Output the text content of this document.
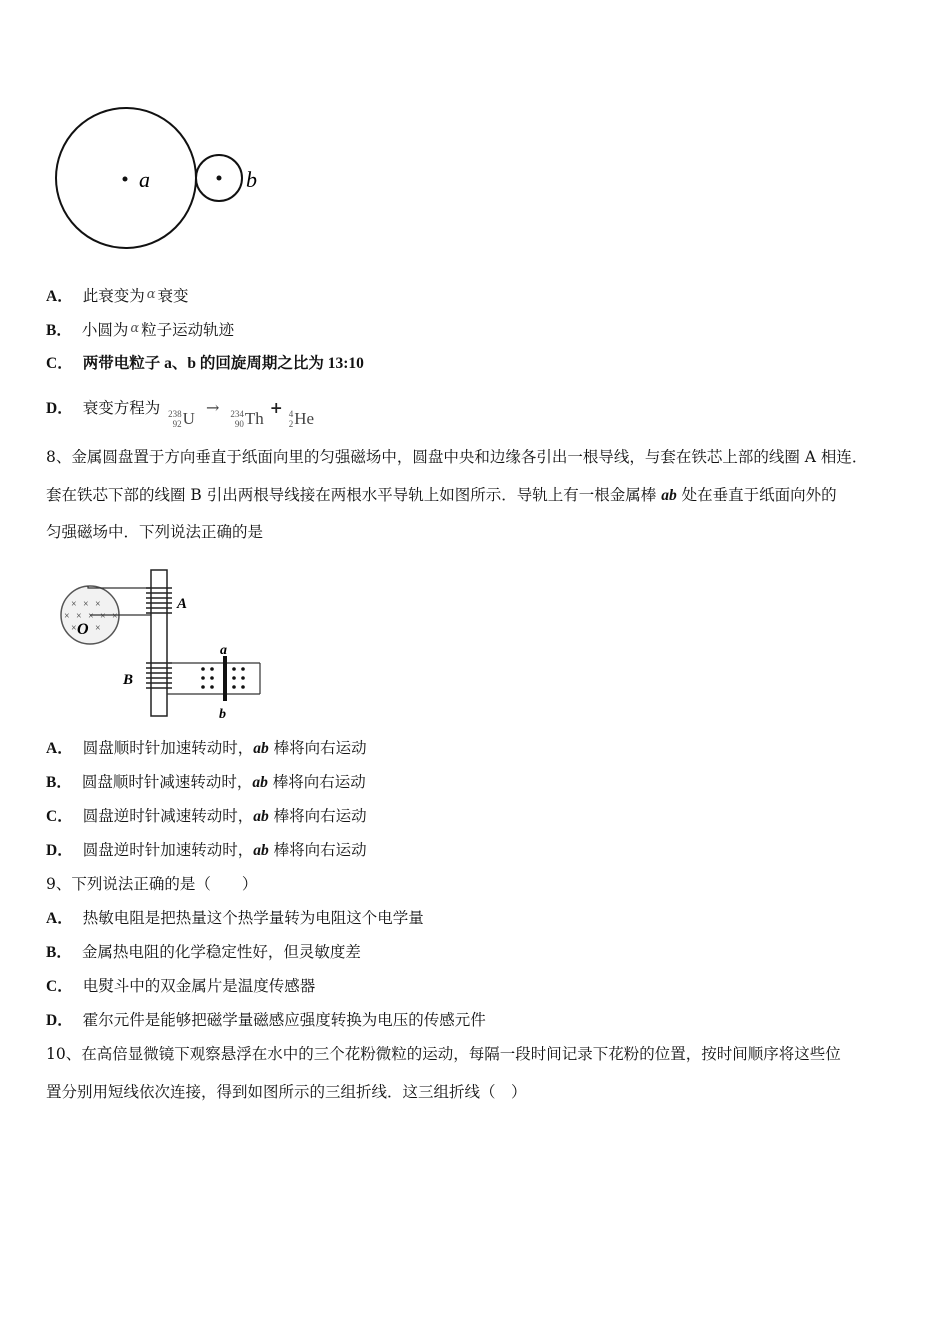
a	b
A． 此衰变为 α 衰变
B． 小圆为 α 粒子运动轨迹
C． 两带电粒子 a、b 的回旋周期之比为 13:10
D． 衰变方程为 238
92 U
→ 234
90 Th
+ 4
2 He
8、金属圆盘置于方向垂直于纸面向里的匀强磁场中，圆盘中央和边缘各引出一根导线，与套在铁芯上部的线圈 A 相连．
套在铁芯下部的线圈 B 引出两根导线接在两根水平导轨上如图所示．导轨上有一根金属棒 ab 处在垂直于纸面向外的
匀强磁场中．下列说法正确的是
× × ×
× × × × ×
× ×
O
A
B
a
b
A． 圆盘顺时针加速转动时，ab 棒将向右运动
B． 圆盘顺时针减速转动时，ab 棒将向右运动
C． 圆盘逆时针减速转动时，ab 棒将向右运动
D． 圆盘逆时针加速转动时，ab 棒将向右运动
9、下列说法正确的是（　　）
A． 热敏电阻是把热量这个热学量转为电阻这个电学量
B． 金属热电阻的化学稳定性好，但灵敏度差
C． 电熨斗中的双金属片是温度传感器
D． 霍尔元件是能够把磁学量磁感应强度转换为电压的传感元件
10、在高倍显微镜下观察悬浮在水中的三个花粉微粒的运动，每隔一段时间记录下花粉的位置，按时间顺序将这些位
置分别用短线依次连接，得到如图所示的三组折线．这三组折线（　）
